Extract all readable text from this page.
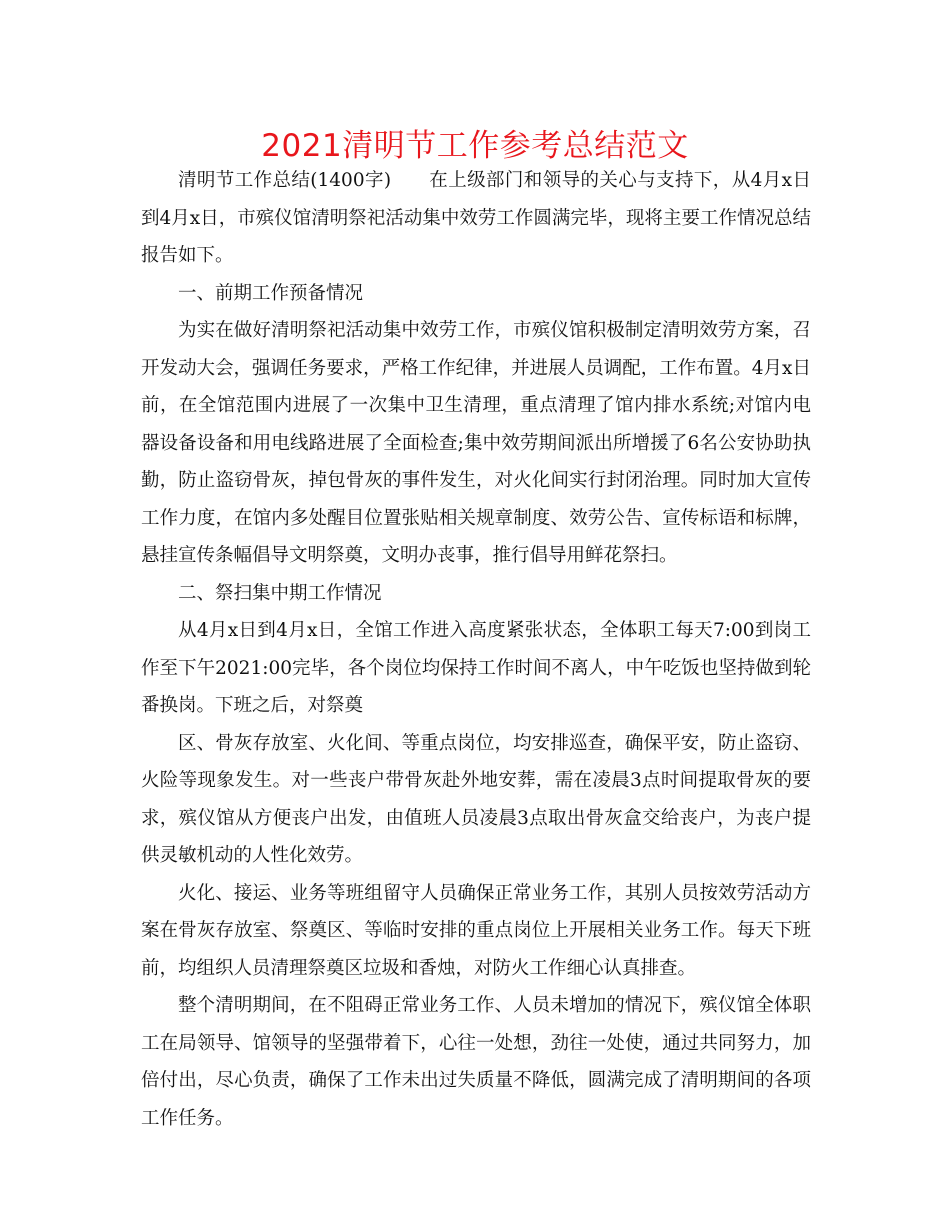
2021清明节工作参考总结范文

清明节工作总结(1400字)　　在上级部门和领导的关心与支持下，从4月x日到4月x日，市殡仪馆清明祭祀活动集中效劳工作圆满完毕，现将主要工作情况总结报告如下。

一、前期工作预备情况

为实在做好清明祭祀活动集中效劳工作，市殡仪馆积极制定清明效劳方案，召开发动大会，强调任务要求，严格工作纪律，并进展人员调配，工作布置。4月x日前，在全馆范围内进展了一次集中卫生清理，重点清理了馆内排水系统;对馆内电器设备设备和用电线路进展了全面检查;集中效劳期间派出所增援了6名公安协助执勤，防止盗窃骨灰，掉包骨灰的事件发生，对火化间实行封闭治理。同时加大宣传工作力度，在馆内多处醒目位置张贴相关规章制度、效劳公告、宣传标语和标牌，悬挂宣传条幅倡导文明祭奠，文明办丧事，推行倡导用鲜花祭扫。

二、祭扫集中期工作情况

从4月x日到4月x日，全馆工作进入高度紧张状态，全体职工每天7:00到岗工作至下午2021:00完毕，各个岗位均保持工作时间不离人，中午吃饭也坚持做到轮番换岗。下班之后，对祭奠

区、骨灰存放室、火化间、等重点岗位，均安排巡查，确保平安，防止盗窃、火险等现象发生。对一些丧户带骨灰赴外地安葬，需在凌晨3点时间提取骨灰的要求，殡仪馆从方便丧户出发，由值班人员凌晨3点取出骨灰盒交给丧户，为丧户提供灵敏机动的人性化效劳。

火化、接运、业务等班组留守人员确保正常业务工作，其别人员按效劳活动方案在骨灰存放室、祭奠区、等临时安排的重点岗位上开展相关业务工作。每天下班前，均组织人员清理祭奠区垃圾和香烛，对防火工作细心认真排查。

整个清明期间，在不阻碍正常业务工作、人员未增加的情况下，殡仪馆全体职工在局领导、馆领导的坚强带着下，心往一处想，劲往一处使，通过共同努力，加倍付出，尽心负责，确保了工作未出过失质量不降低，圆满完成了清明期间的各项工作任务。
